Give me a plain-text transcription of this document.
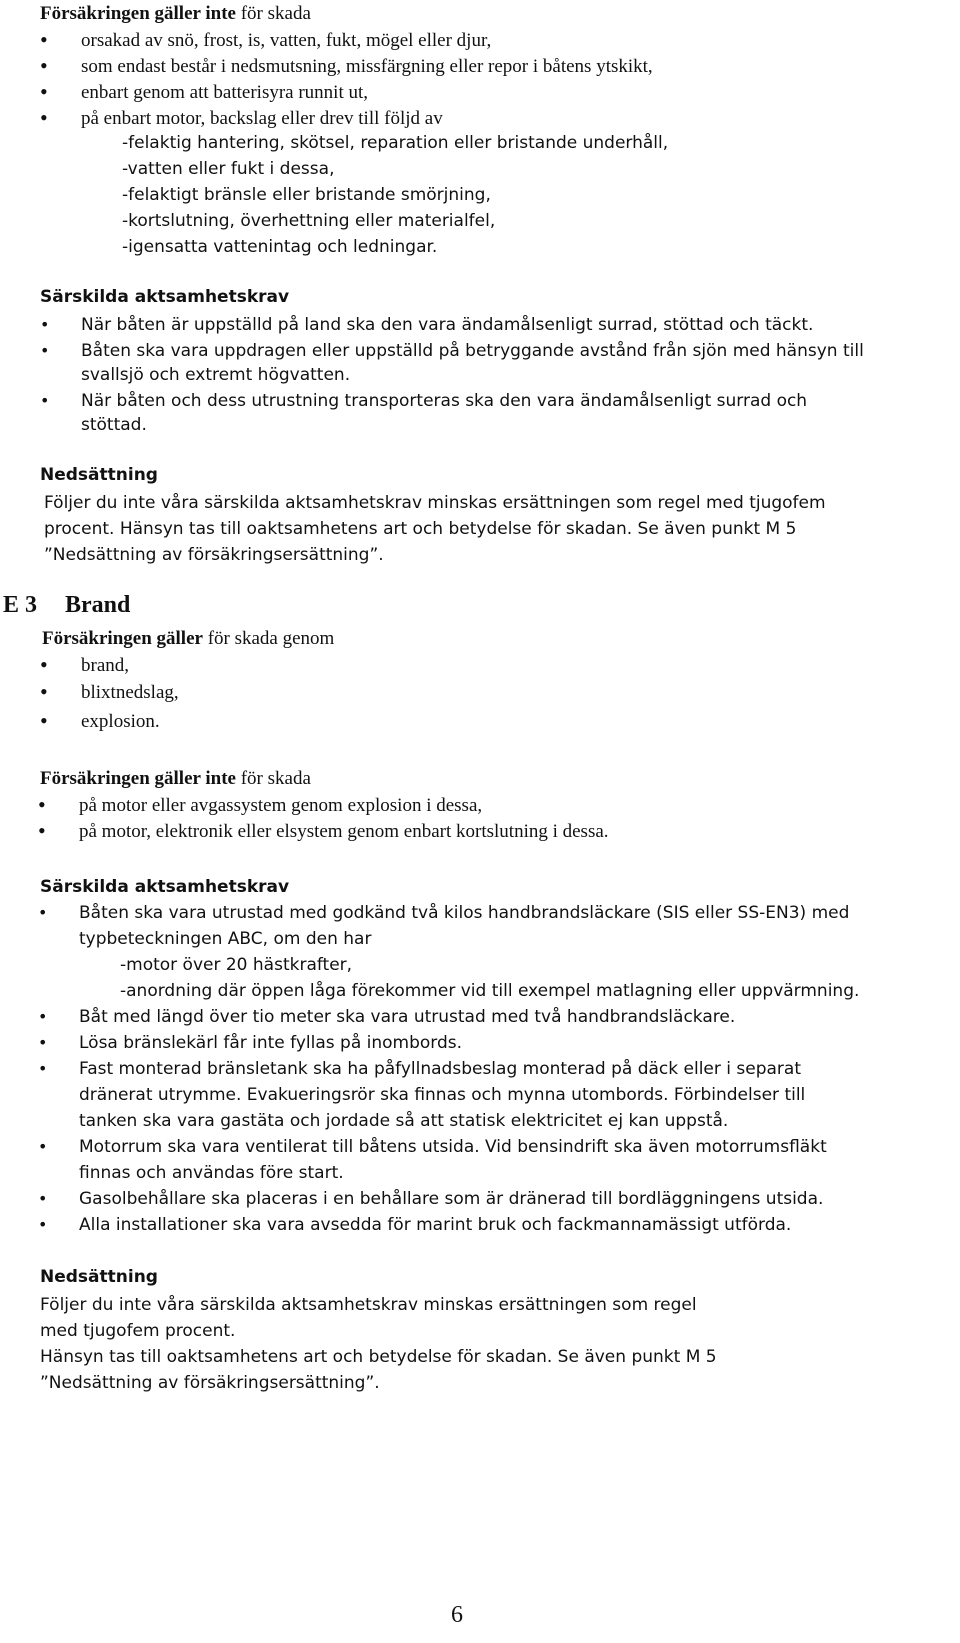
Försäkringen gäller inte för skada
• orsakad av snö, frost, is, vatten, fukt, mögel eller djur,
• som endast består i nedsmutsning, missfärgning eller repor i båtens ytskikt,
• enbart genom att batterisyra runnit ut,
• på enbart motor, backslag eller drev till följd av
-felaktig hantering, skötsel, reparation eller bristande underhåll,
-vatten eller fukt i dessa,
-felaktigt bränsle eller bristande smörjning,
-kortslutning, överhettning eller materialfel,
-igensatta vattenintag och ledningar.
Särskilda aktsamhetskrav
• När båten är uppställd på land ska den vara ändamålsenligt surrad, stöttad och täckt.
• Båten ska vara uppdragen eller uppställd på betryggande avstånd från sjön med hänsyn till
svallsjö och extremt högvatten.
• När båten och dess utrustning transporteras ska den vara ändamålsenligt surrad och
stöttad.
Nedsättning
Följer du inte våra särskilda aktsamhetskrav minskas ersättningen som regel med tjugofem
procent. Hänsyn tas till oaktsamhetens art och betydelse för skadan. Se även punkt M 5
”Nedsättning av försäkringsersättning”.
E 3 Brand
Försäkringen gäller för skada genom
• brand,
• blixtnedslag,
• explosion.
Försäkringen gäller inte för skada
• på motor eller avgassystem genom explosion i dessa,
• på motor, elektronik eller elsystem genom enbart kortslutning i dessa.
Särskilda aktsamhetskrav
• Båten ska vara utrustad med godkänd två kilos handbrandsläckare (SIS eller SS-EN3) med
typbeteckningen ABC, om den har
-motor över 20 hästkrafter,
-anordning där öppen låga förekommer vid till exempel matlagning eller uppvärmning.
• Båt med längd över tio meter ska vara utrustad med två handbrandsläckare.
• Lösa bränslekärl får inte fyllas på inombords.
• Fast monterad bränsletank ska ha påfyllnadsbeslag monterad på däck eller i separat
dränerat utrymme. Evakueringsrör ska finnas och mynna utombords. Förbindelser till
tanken ska vara gastäta och jordade så att statisk elektricitet ej kan uppstå.
• Motorrum ska vara ventilerat till båtens utsida. Vid bensindrift ska även motorrumsfläkt
finnas och användas före start.
• Gasolbehållare ska placeras i en behållare som är dränerad till bordläggningens utsida.
• Alla installationer ska vara avsedda för marint bruk och fackmannamässigt utförda.
Nedsättning
Följer du inte våra särskilda aktsamhetskrav minskas ersättningen som regel
med tjugofem procent.
Hänsyn tas till oaktsamhetens art och betydelse för skadan. Se även punkt M 5
”Nedsättning av försäkringsersättning”.
6
